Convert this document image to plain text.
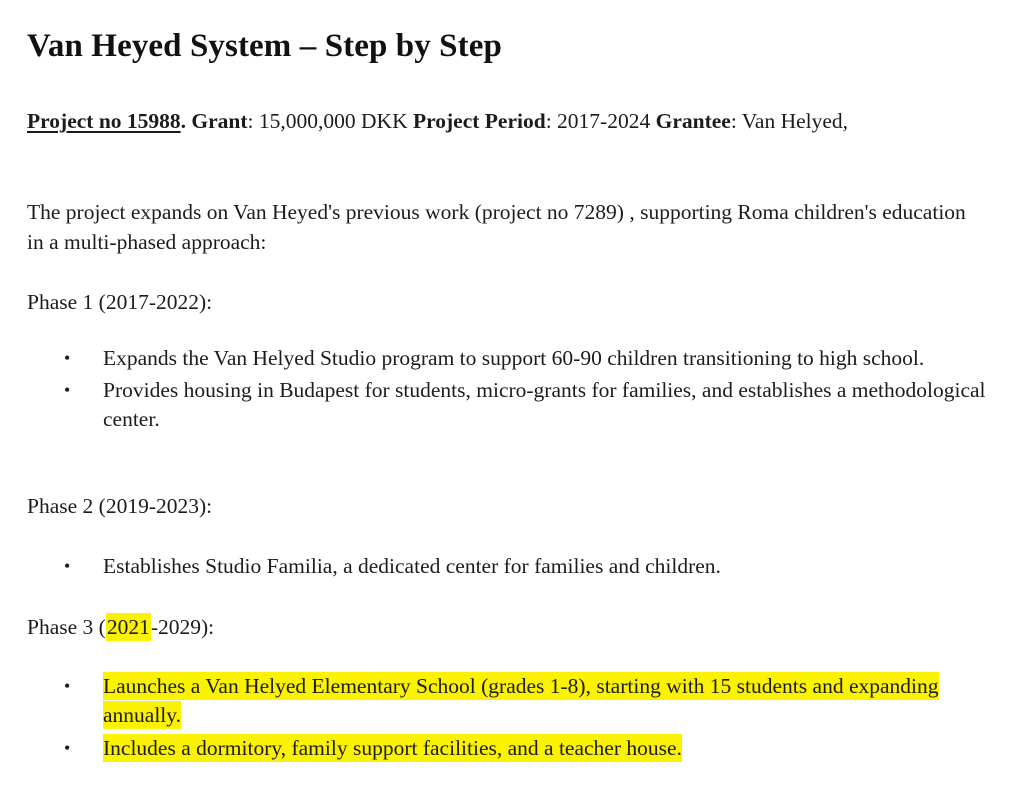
Van Heyed System – Step by Step

Project no 15988. Grant: 15,000,000 DKK Project Period: 2017-2024 Grantee: Van Helyed,

The project expands on Van Heyed's previous work (project no 7289) , supporting Roma children's education in a multi-phased approach:

Phase 1 (2017-2022):

• Expands the Van Helyed Studio program to support 60-90 children transitioning to high school.
• Provides housing in Budapest for students, micro-grants for families, and establishes a methodological center.

Phase 2 (2019-2023):

• Establishes Studio Familia, a dedicated center for families and children.

Phase 3 (2021-2029):

• Launches a Van Helyed Elementary School (grades 1-8), starting with 15 students and expanding annually.
• Includes a dormitory, family support facilities, and a teacher house.
